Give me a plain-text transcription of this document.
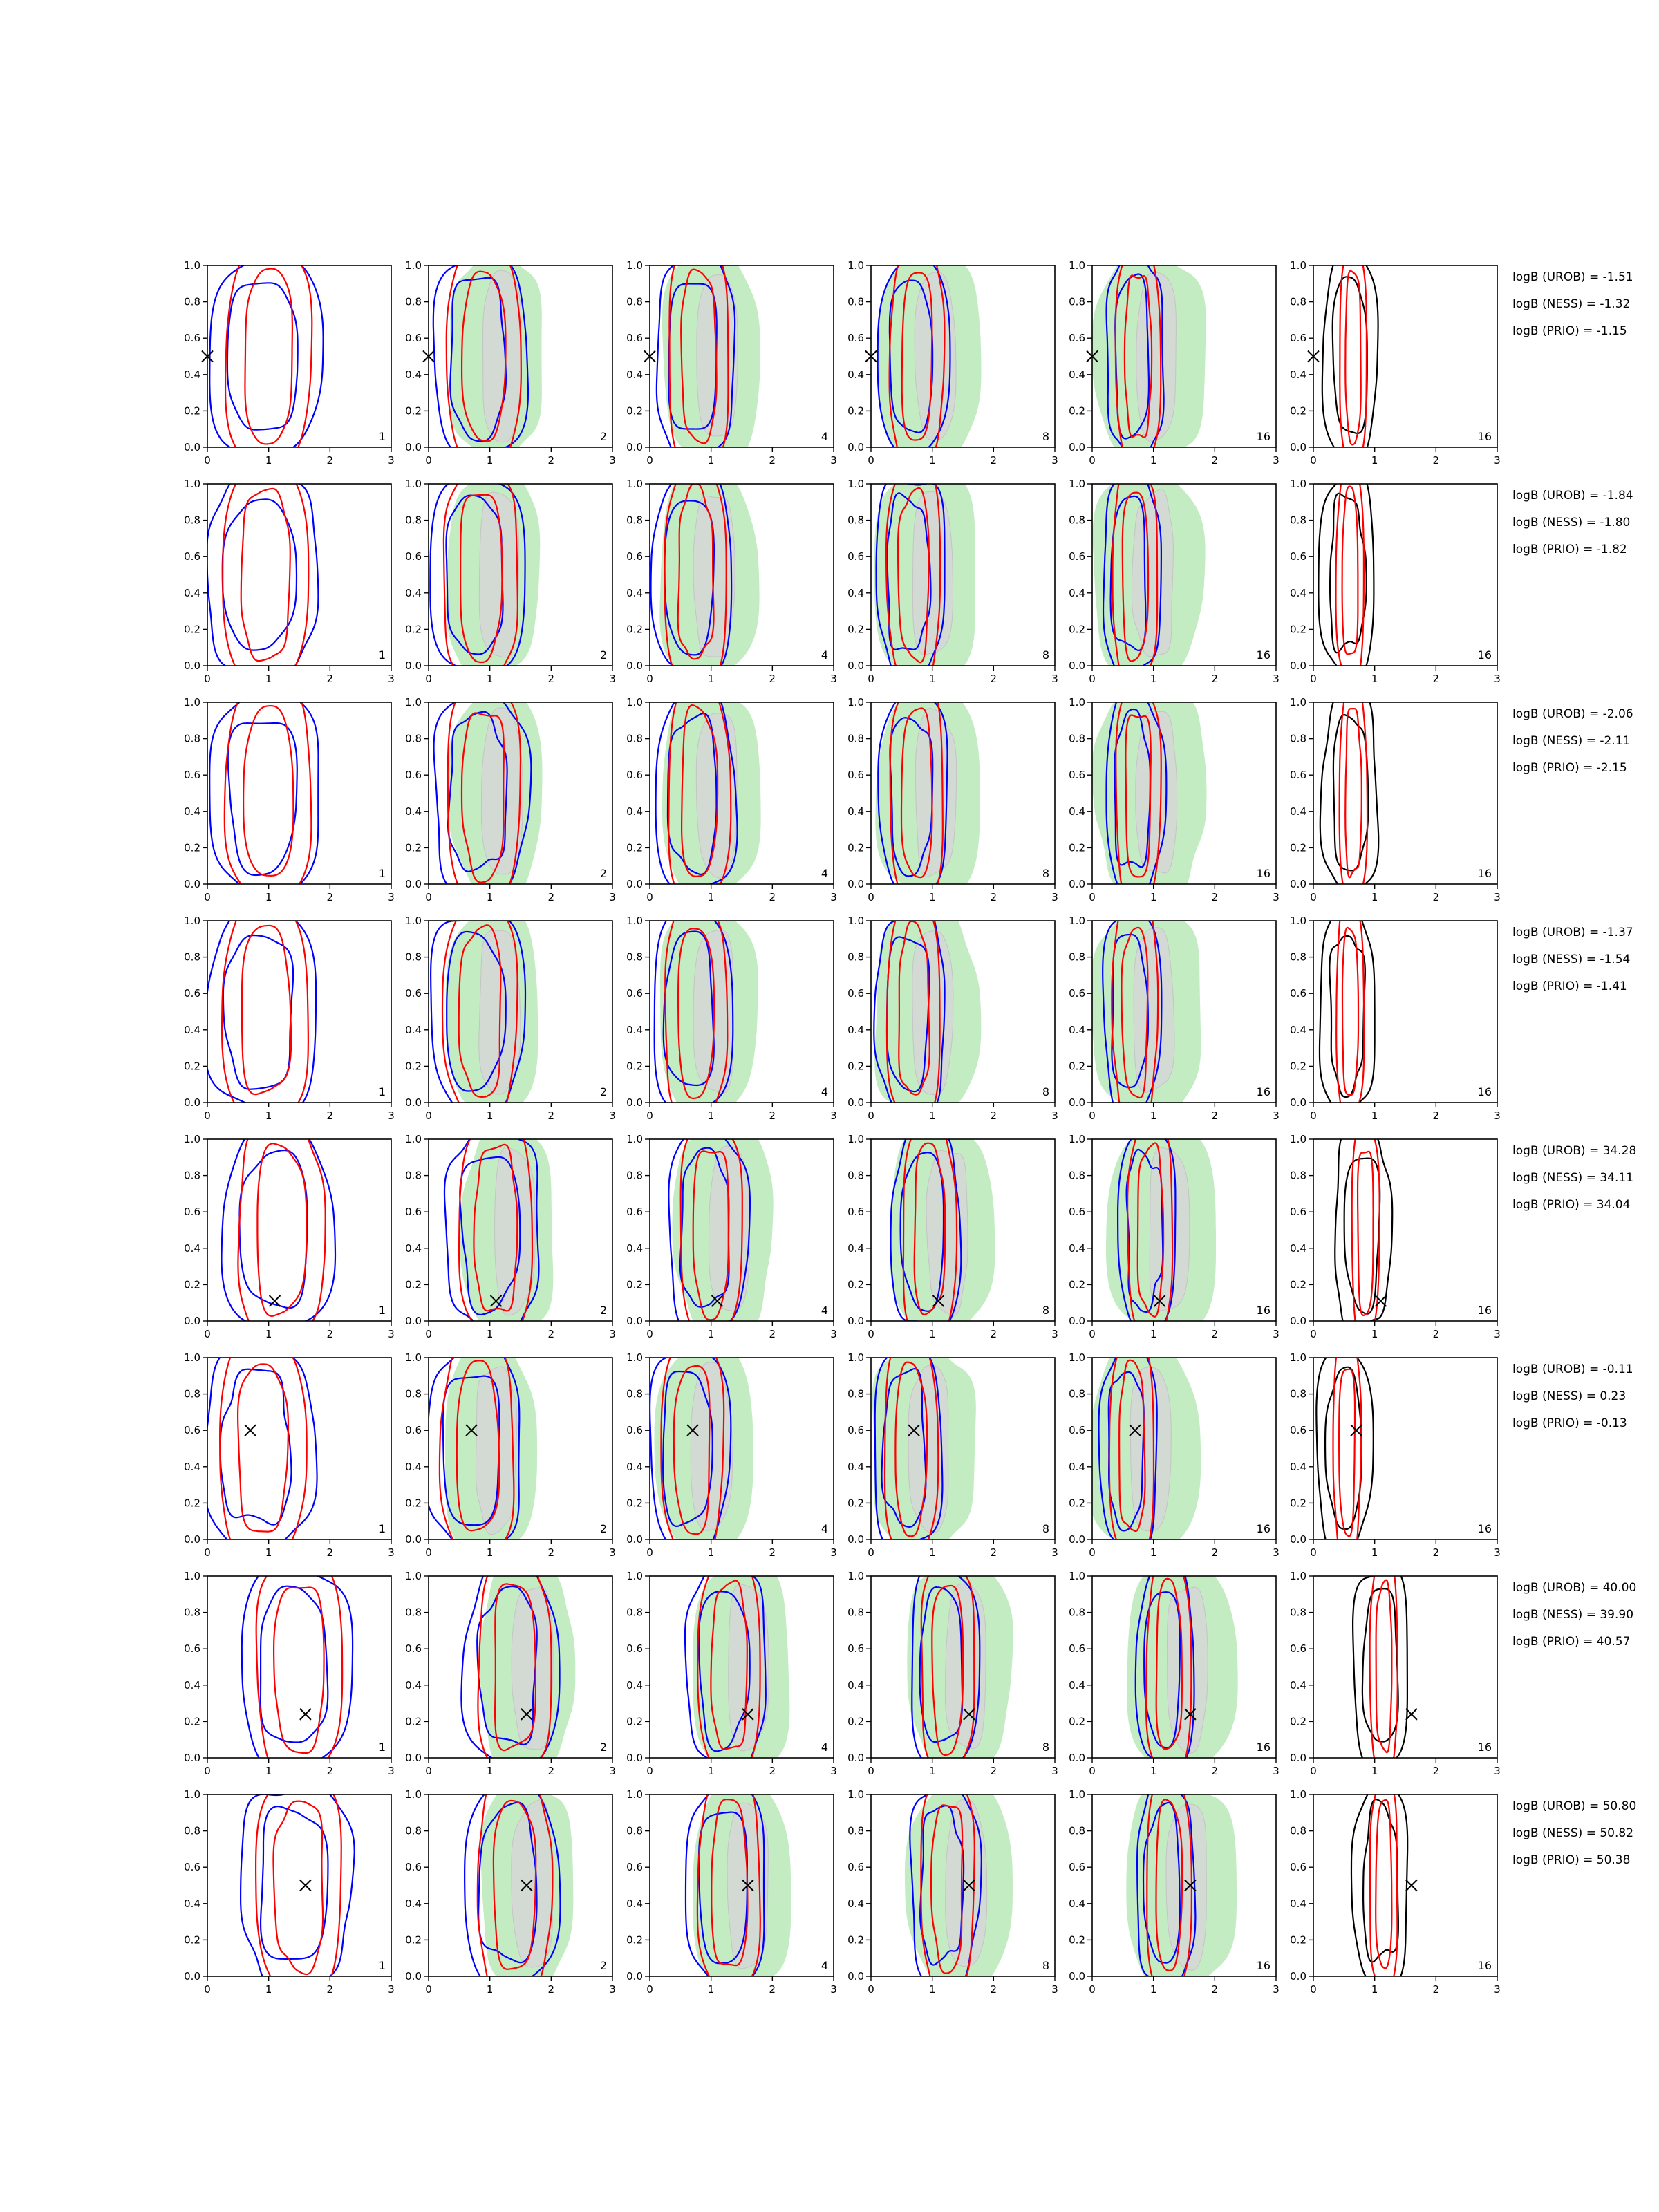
0	1	2	3
0.0
0.2
0.4
0.6
0.8
1.0
1
0	1	2	3
0.0
0.2
0.4
0.6
0.8
1.0
2
0	1	2	3
0.0
0.2
0.4
0.6
0.8
1.0
4
0	1	2	3
0.0
0.2
0.4
0.6
0.8
1.0
8
0	1	2	3
0.0
0.2
0.4
0.6
0.8
1.0
16
0	1	2	3
0.0
0.2
0.4
0.6
0.8
1.0
16
logB (UROB) = -1.51
logB (NESS) = -1.32
logB (PRIO) = -1.15
0	1	2	3
0.0
0.2
0.4
0.6
0.8
1.0
1
0	1	2	3
0.0
0.2
0.4
0.6
0.8
1.0
2
0	1	2	3
0.0
0.2
0.4
0.6
0.8
1.0
4
0	1	2	3
0.0
0.2
0.4
0.6
0.8
1.0
8
0	1	2	3
0.0
0.2
0.4
0.6
0.8
1.0
16
0	1	2	3
0.0
0.2
0.4
0.6
0.8
1.0
16
logB (UROB) = -1.84
logB (NESS) = -1.80
logB (PRIO) = -1.82
0	1	2	3
0.0
0.2
0.4
0.6
0.8
1.0
1
0	1	2	3
0.0
0.2
0.4
0.6
0.8
1.0
2
0	1	2	3
0.0
0.2
0.4
0.6
0.8
1.0
4
0	1	2	3
0.0
0.2
0.4
0.6
0.8
1.0
8
0	1	2	3
0.0
0.2
0.4
0.6
0.8
1.0
16
0	1	2	3
0.0
0.2
0.4
0.6
0.8
1.0
16
logB (UROB) = -2.06
logB (NESS) = -2.11
logB (PRIO) = -2.15
0	1	2	3
0.0
0.2
0.4
0.6
0.8
1.0
1
0	1	2	3
0.0
0.2
0.4
0.6
0.8
1.0
2
0	1	2	3
0.0
0.2
0.4
0.6
0.8
1.0
4
0	1	2	3
0.0
0.2
0.4
0.6
0.8
1.0
8
0	1	2	3
0.0
0.2
0.4
0.6
0.8
1.0
16
0	1	2	3
0.0
0.2
0.4
0.6
0.8
1.0
16
logB (UROB) = -1.37
logB (NESS) = -1.54
logB (PRIO) = -1.41
0	1	2	3
0.0
0.2
0.4
0.6
0.8
1.0
1
0	1	2	3
0.0
0.2
0.4
0.6
0.8
1.0
2
0	1	2	3
0.0
0.2
0.4
0.6
0.8
1.0
4
0	1	2	3
0.0
0.2
0.4
0.6
0.8
1.0
8
0	1	2	3
0.0
0.2
0.4
0.6
0.8
1.0
16
0	1	2	3
0.0
0.2
0.4
0.6
0.8
1.0
16
logB (UROB) = 34.28
logB (NESS) = 34.11
logB (PRIO) = 34.04
0	1	2	3
0.0
0.2
0.4
0.6
0.8
1.0
1
0	1	2	3
0.0
0.2
0.4
0.6
0.8
1.0
2
0	1	2	3
0.0
0.2
0.4
0.6
0.8
1.0
4
0	1	2	3
0.0
0.2
0.4
0.6
0.8
1.0
8
0	1	2	3
0.0
0.2
0.4
0.6
0.8
1.0
16
0	1	2	3
0.0
0.2
0.4
0.6
0.8
1.0
16
logB (UROB) = -0.11
logB (NESS) = 0.23
logB (PRIO) = -0.13
0	1	2	3
0.0
0.2
0.4
0.6
0.8
1.0
1
0	1	2	3
0.0
0.2
0.4
0.6
0.8
1.0
2
0	1	2	3
0.0
0.2
0.4
0.6
0.8
1.0
4
0	1	2	3
0.0
0.2
0.4
0.6
0.8
1.0
8
0	1	2	3
0.0
0.2
0.4
0.6
0.8
1.0
16
0	1	2	3
0.0
0.2
0.4
0.6
0.8
1.0
16
logB (UROB) = 40.00
logB (NESS) = 39.90
logB (PRIO) = 40.57
0	1	2	3
0.0
0.2
0.4
0.6
0.8
1.0
1
0	1	2	3
0.0
0.2
0.4
0.6
0.8
1.0
2
0	1	2	3
0.0
0.2
0.4
0.6
0.8
1.0
4
0	1	2	3
0.0
0.2
0.4
0.6
0.8
1.0
8
0	1	2	3
0.0
0.2
0.4
0.6
0.8
1.0
16
0	1	2	3
0.0
0.2
0.4
0.6
0.8
1.0
16
logB (UROB) = 50.80
logB (NESS) = 50.82
logB (PRIO) = 50.38
